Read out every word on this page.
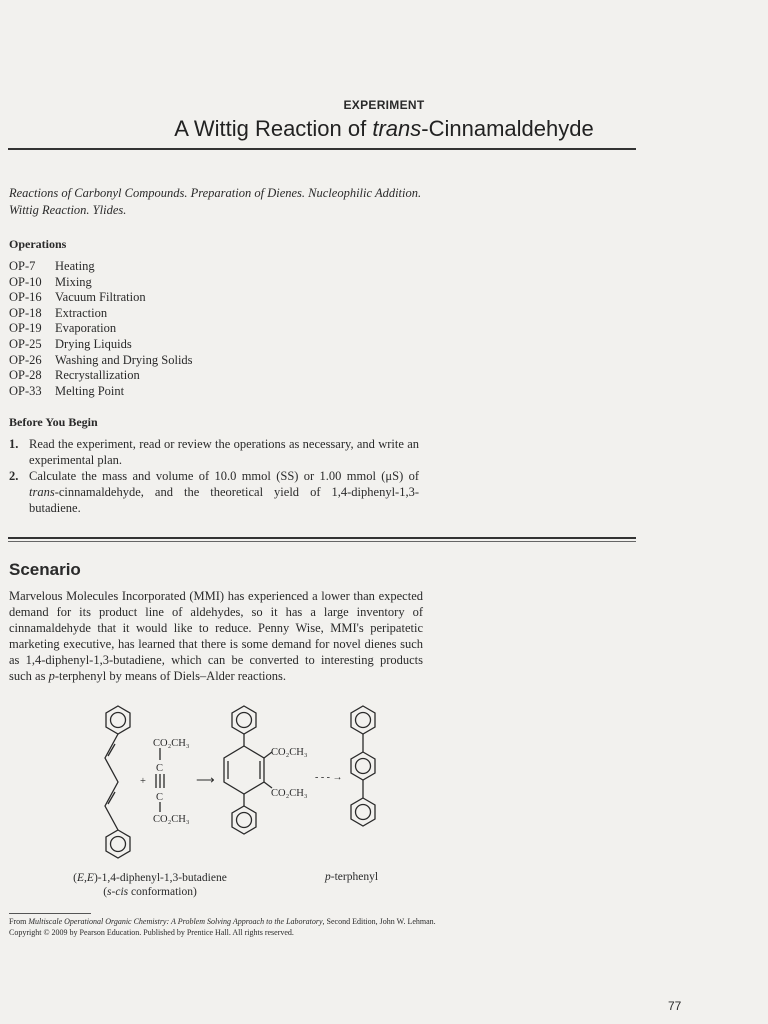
EXPERIMENT
A Wittig Reaction of trans-Cinnamaldehyde
Reactions of Carbonyl Compounds. Preparation of Dienes. Nucleophilic Addition. Wittig Reaction. Ylides.
Operations
OP-7	Heating
OP-10	Mixing
OP-16	Vacuum Filtration
OP-18	Extraction
OP-19	Evaporation
OP-25	Drying Liquids
OP-26	Washing and Drying Solids
OP-28	Recrystallization
OP-33	Melting Point
Before You Begin
1. Read the experiment, read or review the operations as necessary, and write an experimental plan.
2. Calculate the mass and volume of 10.0 mmol (SS) or 1.00 mmol (μS) of trans-cinnamaldehyde, and the theoretical yield of 1,4-diphenyl-1,3-butadiene.
Scenario
Marvelous Molecules Incorporated (MMI) has experienced a lower than expected demand for its product line of aldehydes, so it has a large inventory of cinnamaldehyde that it would like to reduce. Penny Wise, MMI's peripatetic marketing executive, has learned that there is some demand for novel dienes such as 1,4-diphenyl-1,3-butadiene, which can be converted to interesting products such as p-terphenyl by means of Diels–Alder reactions.
CO₂CH₃
C
C
+
CO₂CH₃
CO₂CH₃
CO₂CH₃
⟶	- - - →
(E,E)-1,4-diphenyl-1,3-butadiene
(s-cis conformation)
p-terphenyl
From Multiscale Operational Organic Chemistry: A Problem Solving Approach to the Laboratory, Second Edition, John W. Lehman. Copyright © 2009 by Pearson Education. Published by Prentice Hall. All rights reserved.
77
